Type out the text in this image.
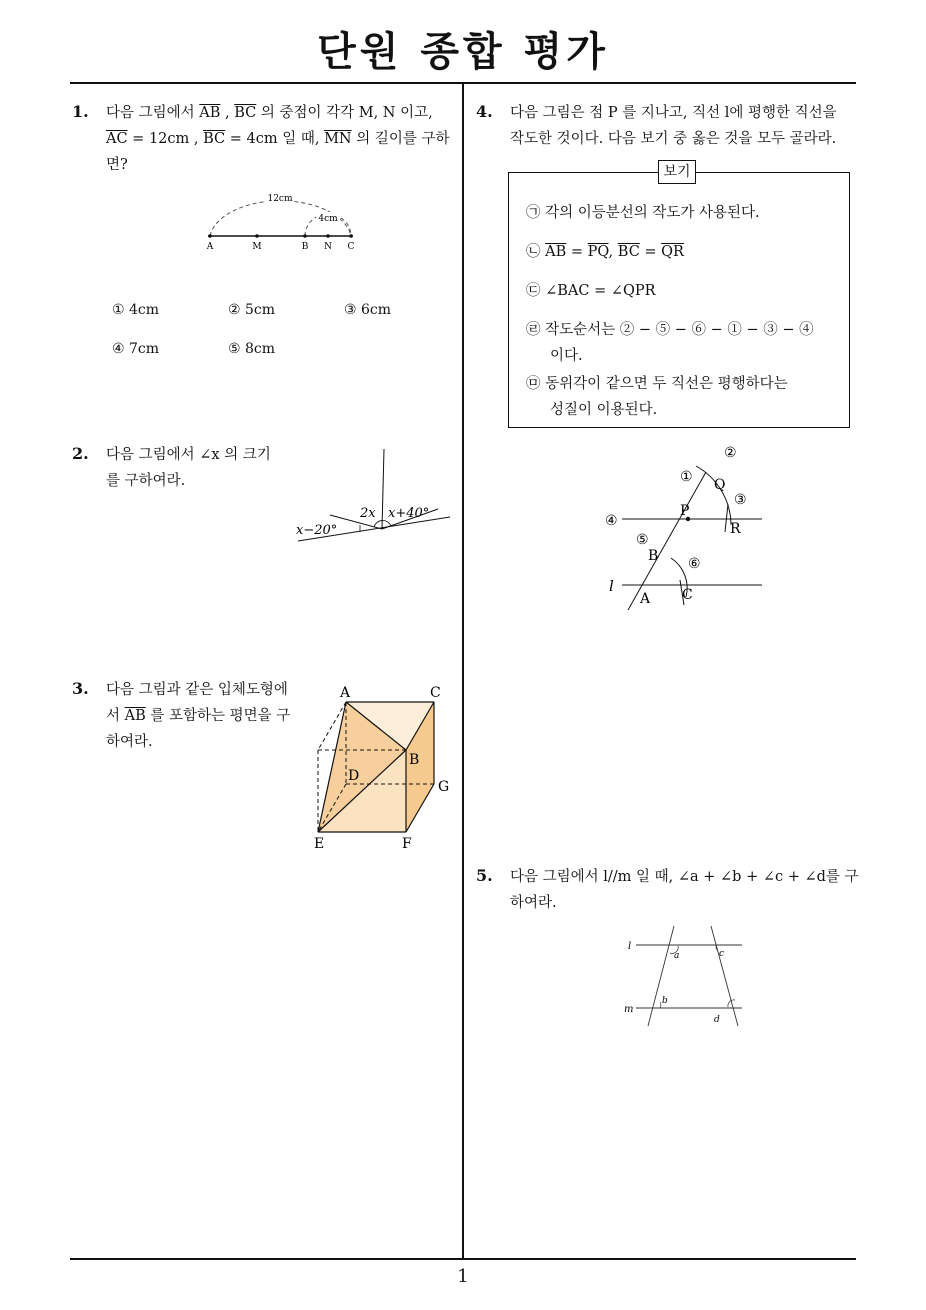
단원 종합 평가
1. 다음 그림에서 $\overline{AB}$ , $\overline{BC}$ 의 중점이 각각 M, N 이고,
$\overline{AC} = 12cm$ , $\overline{BC} = 4cm$ 일 때, $\overline{MN}$ 의 길이를 구하
면?
12cm
4cm
A	M	B N C
① 4cm	② 5cm	③ 6cm
④ 7cm	⑤ 8cm
2. 다음 그림에서 ∠x 의 크기
를 구하여라.
x−20°
2x x+40°
3. 다음 그림과 같은 입체도형에
서 $\overline{AB}$ 를 포함하는 평면을 구
하여라.
A	C
B
D
G
E	F
4. 다음 그림은 점 P 를 지나고, 직선 l에 평행한 직선을
작도한 것이다. 다음 보기 중 옳은 것을 모두 골라라.
보기
㉠ 각의 이등분선의 작도가 사용된다.
㉡ $\overline{AB} = \overline{PQ}$, $\overline{BC} = \overline{QR}$
㉢ ∠BAC = ∠QPR
㉣ 작도순서는 ② − ⑤ − ⑥ − ① − ③ − ④
이다.
㉤ 동위각이 같으면 두 직선은 평행하다는
성질이 이용된다.
①
②
③
④
⑤
⑥
P
Q
R
B
A C
l
5. 다음 그림에서 l//m 일 때, ∠a + ∠b + ∠c + ∠d를 구
하여라.
l
m
a	c
b
d
1
